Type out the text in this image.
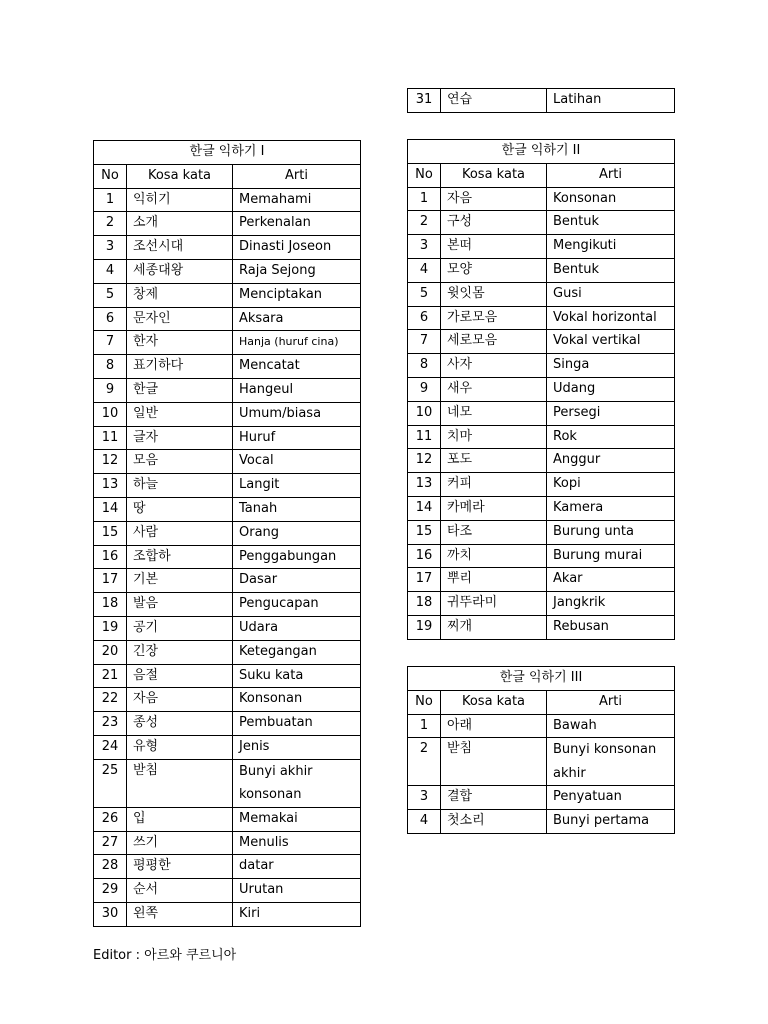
31	연습	Latihan
한글 익하기 I		
No	Kosa kata	Arti
1	익히기	Memahami
2	소개	Perkenalan
3	조선시대	Dinasti Joseon
4	세종대왕	Raja Sejong
5	창제	Menciptakan
6	문자인	Aksara
7	한자	Hanja (huruf cina)
8	표기하다	Mencatat
9	한글	Hangeul
10	일반	Umum/biasa
11	글자	Huruf
12	모음	Vocal
13	하늘	Langit
14	땅	Tanah
15	사람	Orang
16	조합하	Penggabungan
17	기본	Dasar
18	발음	Pengucapan
19	공기	Udara
20	긴장	Ketegangan
21	음절	Suku kata
22	자음	Konsonan
23	종성	Pembuatan
24	유형	Jenis
25	받침	Bunyi akhir konsonan
26	입	Memakai
27	쓰기	Menulis
28	평평한	datar
29	순서	Urutan
30	왼쪽	Kiri
한글 익하기 II		
No	Kosa kata	Arti
1	자음	Konsonan
2	구성	Bentuk
3	본떠	Mengikuti
4	모양	Bentuk
5	윗잇몸	Gusi
6	가로모음	Vokal horizontal
7	세로모음	Vokal vertikal
8	사자	Singa
9	새우	Udang
10	네모	Persegi
11	치마	Rok
12	포도	Anggur
13	커피	Kopi
14	카메라	Kamera
15	타조	Burung unta
16	까치	Burung murai
17	뿌리	Akar
18	귀뚜라미	Jangkrik
19	찌개	Rebusan
한글 익하기 III		
No	Kosa kata	Arti
1	아래	Bawah
2	받침	Bunyi konsonan akhir
3	결합	Penyatuan
4	첫소리	Bunyi pertama

Editor : 아르와 쿠르니아
